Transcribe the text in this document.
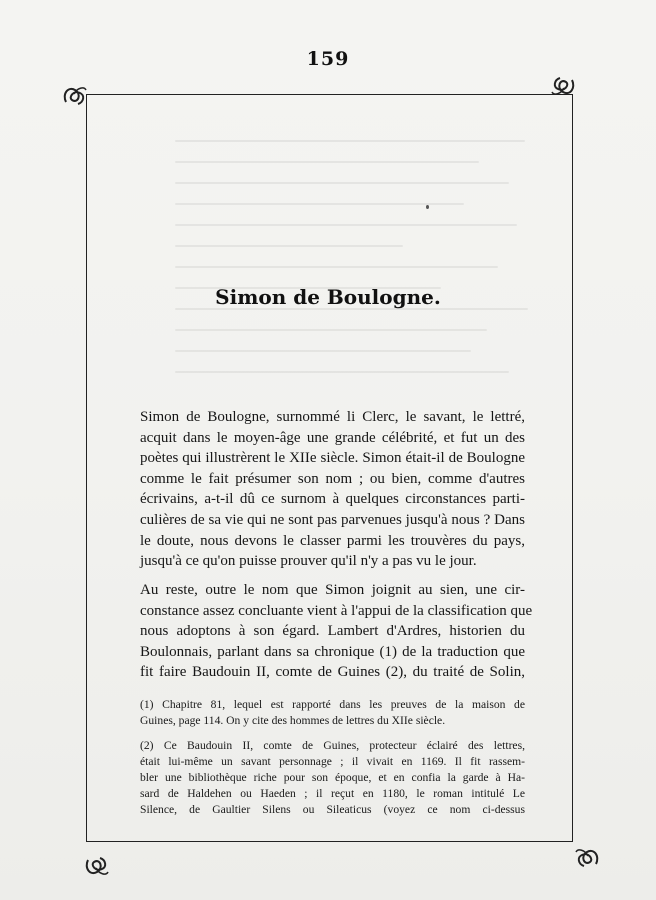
159
Simon de Boulogne.
Simon de Boulogne, surnommé li Clerc, le savant, le lettré,
acquit dans le moyen-âge une grande célébrité, et fut un des
poètes qui illustrèrent le XIIe siècle. Simon était-il de Boulogne
comme le fait présumer son nom ; ou bien, comme d'autres
écrivains, a-t-il dû ce surnom à quelques circonstances parti-
culières de sa vie qui ne sont pas parvenues jusqu'à nous ? Dans
le doute, nous devons le classer parmi les trouvères du pays,
jusqu'à ce qu'on puisse prouver qu'il n'y a pas vu le jour.
Au reste, outre le nom que Simon joignit au sien, une cir-
constance assez concluante vient à l'appui de la classification que
nous adoptons à son égard. Lambert d'Ardres, historien du
Boulonnais, parlant dans sa chronique (1) de la traduction que
fit faire Baudouin II, comte de Guines (2), du traité de Solin,
(1) Chapitre 81, lequel est rapporté dans les preuves de la maison de
Guines, page 114. On y cite des hommes de lettres du XIIe siècle.
(2) Ce Baudouin II, comte de Guines, protecteur éclairé des lettres,
était lui-même un savant personnage ; il vivait en 1169. Il fit rassem-
bler une bibliothèque riche pour son époque, et en confia la garde à Ha-
sard de Haldehen ou Haeden ; il reçut en 1180, le roman intitulé Le
Silence, de Gaultier Silens ou Sileaticus (voyez ce nom ci-dessus
